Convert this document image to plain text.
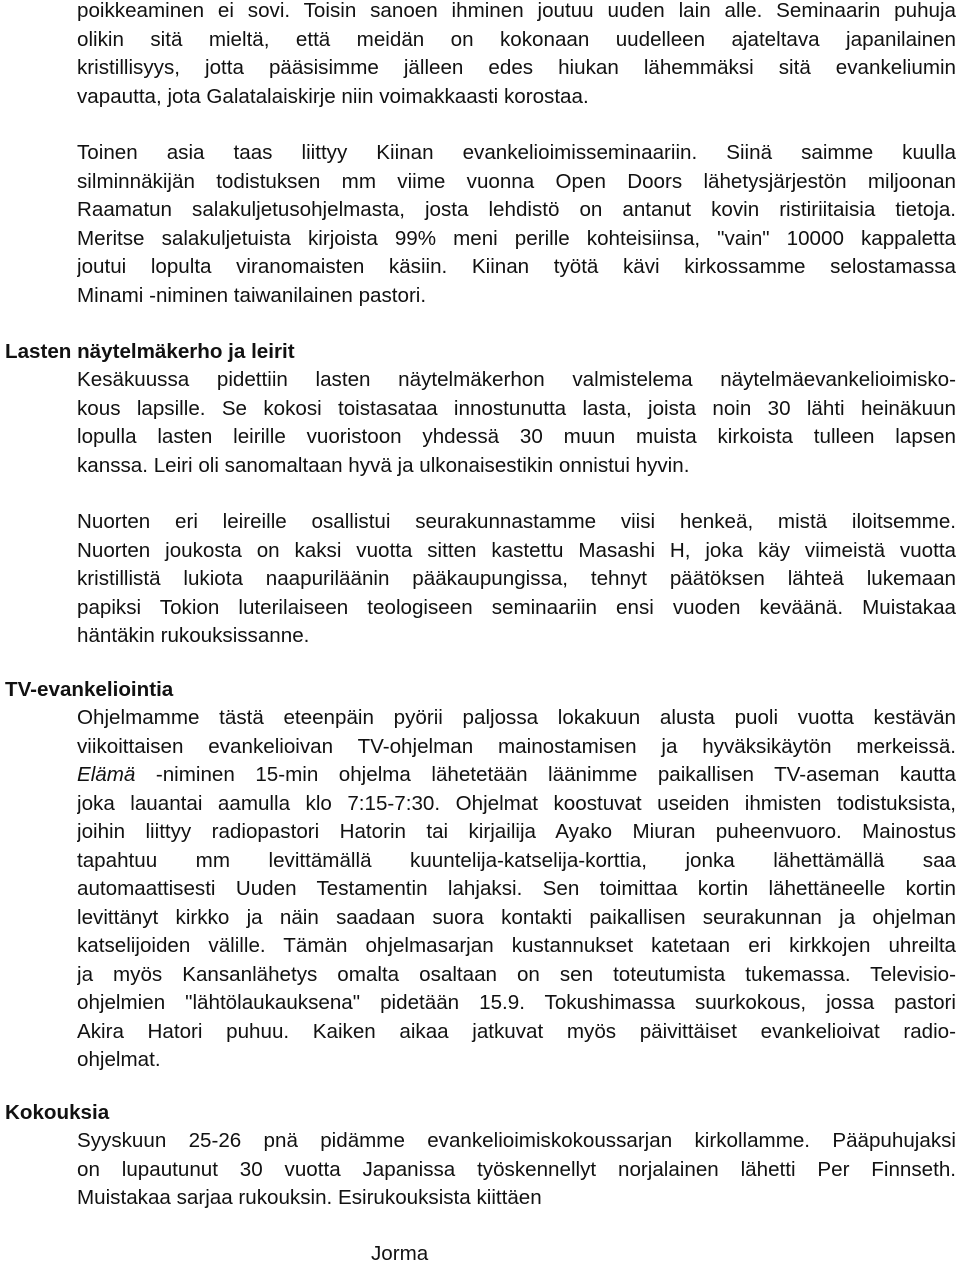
poikkeaminen ei sovi. Toisin sanoen ihminen joutuu uuden lain alle. Seminaarin puhuja
olikin sitä mieltä, että meidän on kokonaan uudelleen ajateltava japanilainen
kristillisyys, jotta pääsisimme jälleen edes hiukan lähemmäksi sitä evankeliumin
vapautta, jota Galatalaiskirje niin voimakkaasti korostaa.
Toinen asia taas liittyy Kiinan evankelioimisseminaariin. Siinä saimme kuulla
silminnäkijän todistuksen mm viime vuonna Open Doors lähetysjärjestön miljoonan
Raamatun salakuljetusohjelmasta, josta lehdistö on antanut kovin ristiriitaisia tietoja.
Meritse salakuljetuista kirjoista 99% meni perille kohteisiinsa, "vain" 10000 kappaletta
joutui lopulta viranomaisten käsiin. Kiinan työtä kävi kirkossamme selostamassa
Minami -niminen taiwanilainen pastori.
Lasten näytelmäkerho ja leirit
Kesäkuussa pidettiin lasten näytelmäkerhon valmistelema näytelmäevankelioimisko-
kous lapsille. Se kokosi toistasataa innostunutta lasta, joista noin 30 lähti heinäkuun
lopulla lasten leirille vuoristoon yhdessä 30 muun muista kirkoista tulleen lapsen
kanssa. Leiri oli sanomaltaan hyvä ja ulkonaisestikin onnistui hyvin.
Nuorten eri leireille osallistui seurakunnastamme viisi henkeä, mistä iloitsemme.
Nuorten joukosta on kaksi vuotta sitten kastettu Masashi H, joka käy viimeistä vuotta
kristillistä lukiota naapuriläänin pääkaupungissa, tehnyt päätöksen lähteä lukemaan
papiksi Tokion luterilaiseen teologiseen seminaariin ensi vuoden keväänä. Muistakaa
häntäkin rukouksissanne.
TV-evankeliointia
Ohjelmamme tästä eteenpäin pyörii paljossa lokakuun alusta puoli vuotta kestävän
viikoittaisen evankelioivan TV-ohjelman mainostamisen ja hyväksikäytön merkeissä.
Elämä -niminen 15-min ohjelma lähetetään läänimme paikallisen TV-aseman kautta
joka lauantai aamulla klo 7:15-7:30. Ohjelmat koostuvat useiden ihmisten todistuksista,
joihin liittyy radiopastori Hatorin tai kirjailija Ayako Miuran puheenvuoro. Mainostus
tapahtuu mm levittämällä kuuntelija-katselija-korttia, jonka lähettämällä saa
automaattisesti Uuden Testamentin lahjaksi. Sen toimittaa kortin lähettäneelle kortin
levittänyt kirkko ja näin saadaan suora kontakti paikallisen seurakunnan ja ohjelman
katselijoiden välille. Tämän ohjelmasarjan kustannukset katetaan eri kirkkojen uhreilta
ja myös Kansanlähetys omalta osaltaan on sen toteutumista tukemassa. Televisio-
ohjelmien "lähtölaukauksena" pidetään 15.9. Tokushimassa suurkokous, jossa pastori
Akira Hatori puhuu. Kaiken aikaa jatkuvat myös päivittäiset evankelioivat radio-
ohjelmat.
Kokouksia
Syyskuun 25-26 pnä pidämme evankelioimiskokoussarjan kirkollamme. Pääpuhujaksi
on lupautunut 30 vuotta Japanissa työskennellyt norjalainen lähetti Per Finnseth.
Muistakaa sarjaa rukouksin. Esirukouksista kiittäen

Jorma
